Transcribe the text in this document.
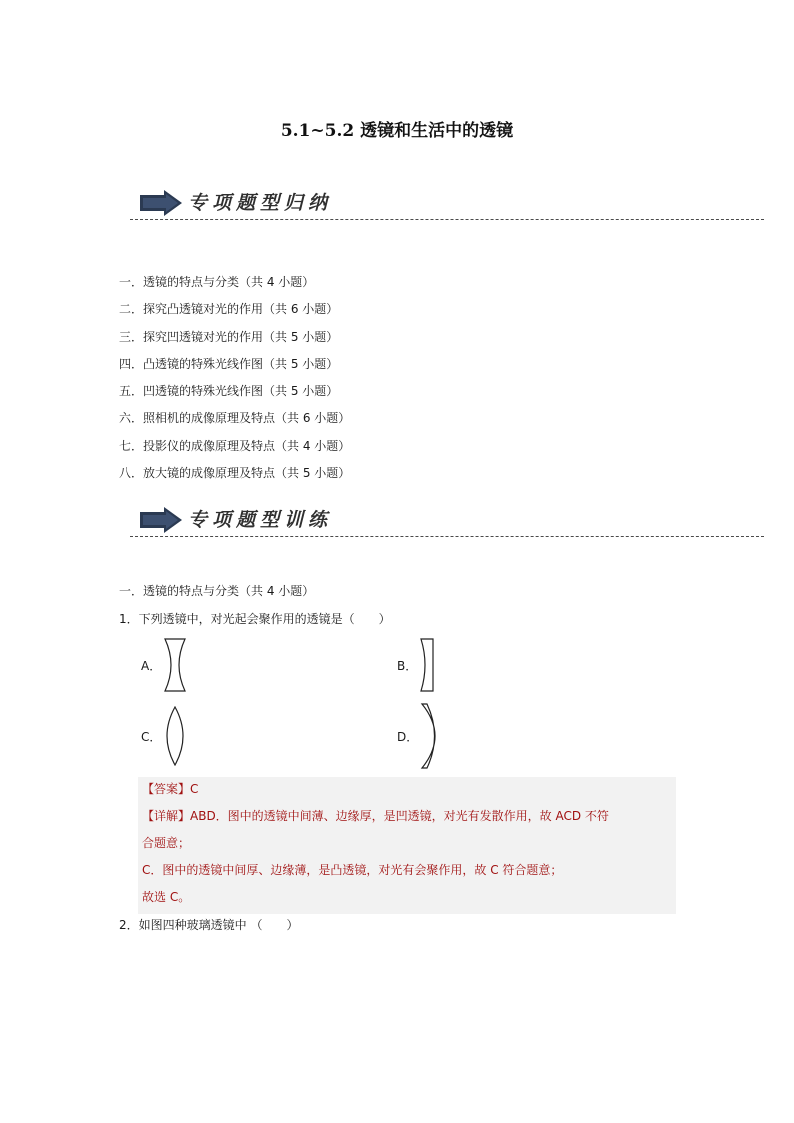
5.1~5.2 透镜和生活中的透镜
专项题型归纳
一．透镜的特点与分类（共 4 小题）
二．探究凸透镜对光的作用（共 6 小题）
三．探究凹透镜对光的作用（共 5 小题）
四．凸透镜的特殊光线作图（共 5 小题）
五．凹透镜的特殊光线作图（共 5 小题）
六．照相机的成像原理及特点（共 6 小题）
七．投影仪的成像原理及特点（共 4 小题）
八．放大镜的成像原理及特点（共 5 小题）
专项题型训练
一．透镜的特点与分类（共 4 小题）
1．下列透镜中，对光起会聚作用的透镜是（　　）
A．	B．
C．	D．
【答案】C
【详解】ABD．图中的透镜中间薄、边缘厚，是凹透镜，对光有发散作用，故 ACD 不符
合题意；
C．图中的透镜中间厚、边缘薄，是凸透镜，对光有会聚作用，故 C 符合题意；
故选 C。
2．如图四种玻璃透镜中 （　　）
